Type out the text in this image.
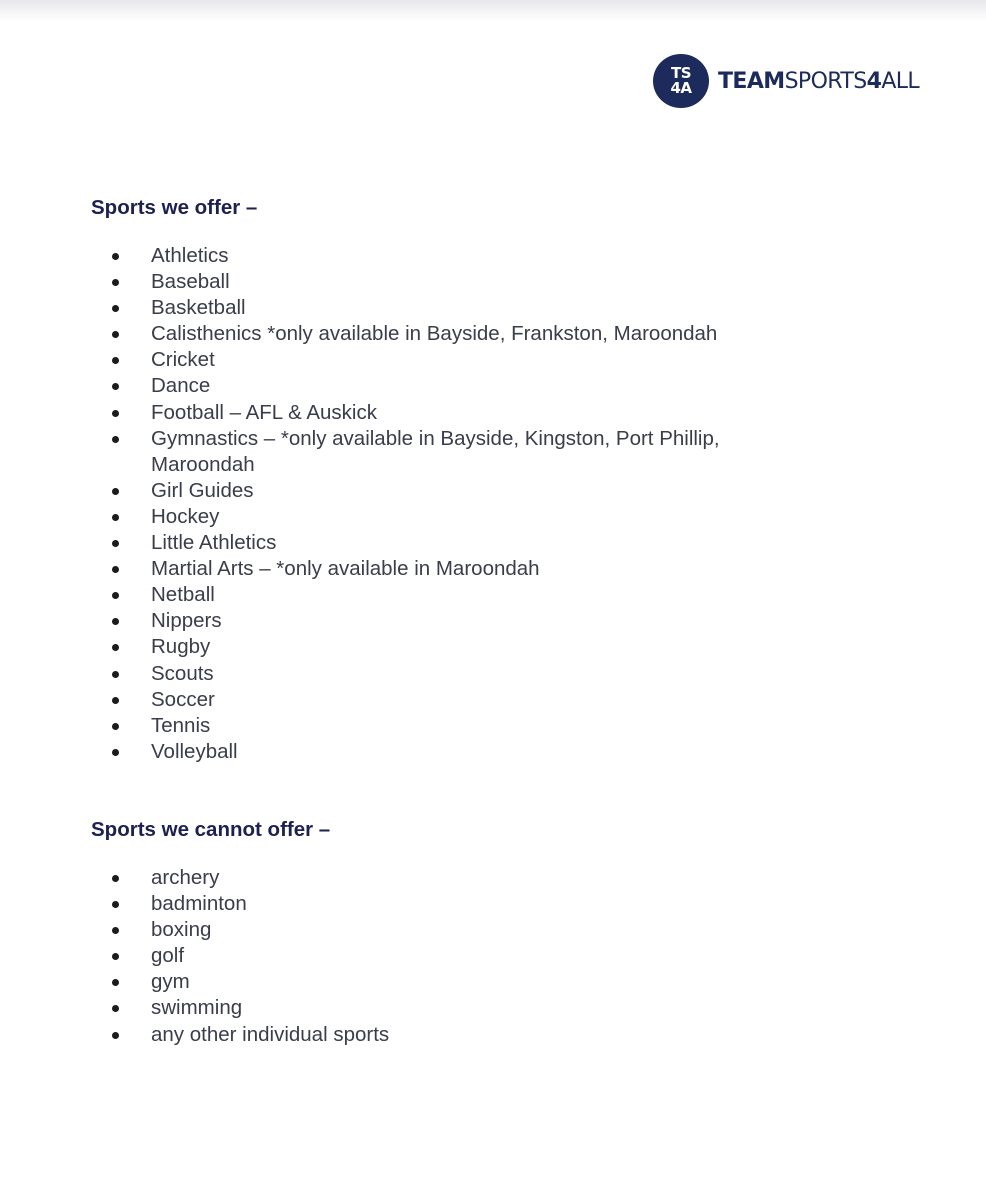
TS
4A TEAMSPORTS4ALL
Sports we offer –
Athletics
Baseball
Basketball
Calisthenics *only available in Bayside, Frankston, Maroondah
Cricket
Dance
Football – AFL & Auskick
Gymnastics – *only available in Bayside, Kingston, Port Phillip,
Maroondah
Girl Guides
Hockey
Little Athletics
Martial Arts – *only available in Maroondah
Netball
Nippers
Rugby
Scouts
Soccer
Tennis
Volleyball
Sports we cannot offer –
archery
badminton
boxing
golf
gym
swimming
any other individual sports
